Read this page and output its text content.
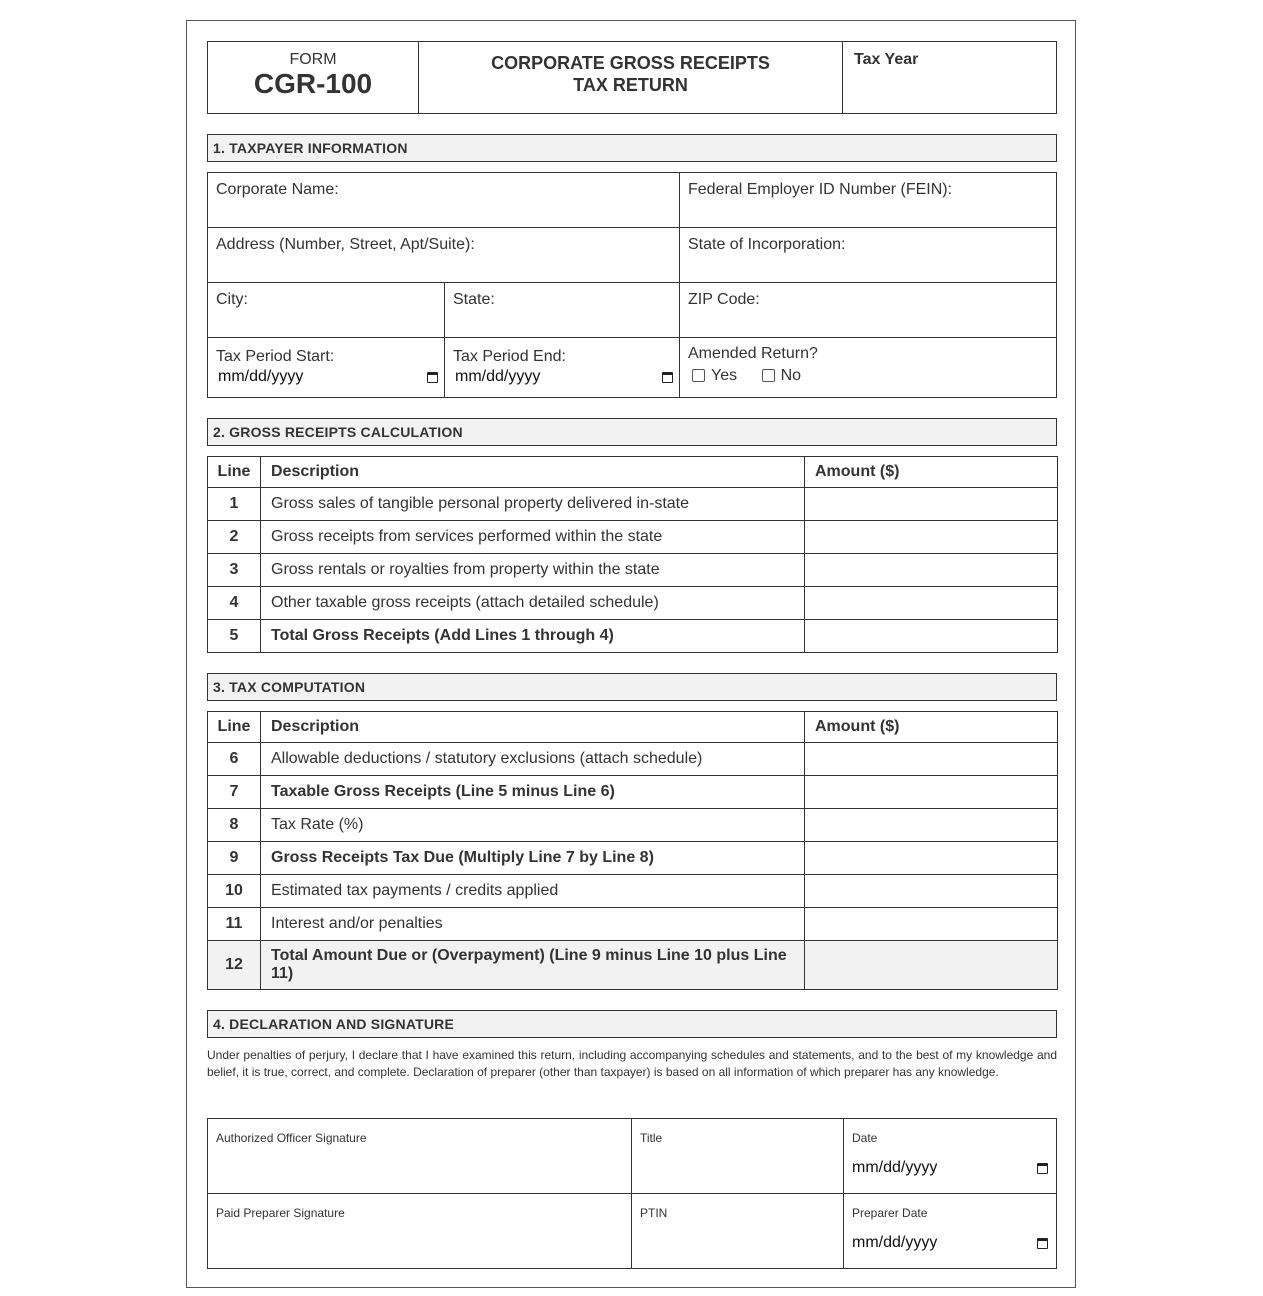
FORM
CGR-100
CORPORATE GROSS RECEIPTS
TAX RETURN
Tax Year
1. TAXPAYER INFORMATION
Corporate Name:	Federal Employer ID Number (FEIN):
Address (Number, Street, Apt/Suite):	State of Incorporation:
City:	State:	ZIP Code:
Tax Period Start:
mm/dd/yyyy
Tax Period End:
mm/dd/yyyy
Amended Return?
Yes	No
2. GROSS RECEIPTS CALCULATION
Line	Description	Amount ($)
1	Gross sales of tangible personal property delivered in-state	
2	Gross receipts from services performed within the state	
3	Gross rentals or royalties from property within the state	
4	Other taxable gross receipts (attach detailed schedule)	
5	Total Gross Receipts (Add Lines 1 through 4)	
3. TAX COMPUTATION
Line	Description	Amount ($)
6	Allowable deductions / statutory exclusions (attach schedule)	
7	Taxable Gross Receipts (Line 5 minus Line 6)	
8	Tax Rate (%)	
9	Gross Receipts Tax Due (Multiply Line 7 by Line 8)	
10	Estimated tax payments / credits applied	
11	Interest and/or penalties	
12	Total Amount Due or (Overpayment) (Line 9 minus Line 10 plus Line 11)	
4. DECLARATION AND SIGNATURE
Under penalties of perjury, I declare that I have examined this return, including accompanying schedules and statements, and to the best of my knowledge and belief, it is true, correct, and complete. Declaration of preparer (other than taxpayer) is based on all information of which preparer has any knowledge.
Authorized Officer Signature	Title	Date
mm/dd/yyyy
Paid Preparer Signature	PTIN	Preparer Date
mm/dd/yyyy
